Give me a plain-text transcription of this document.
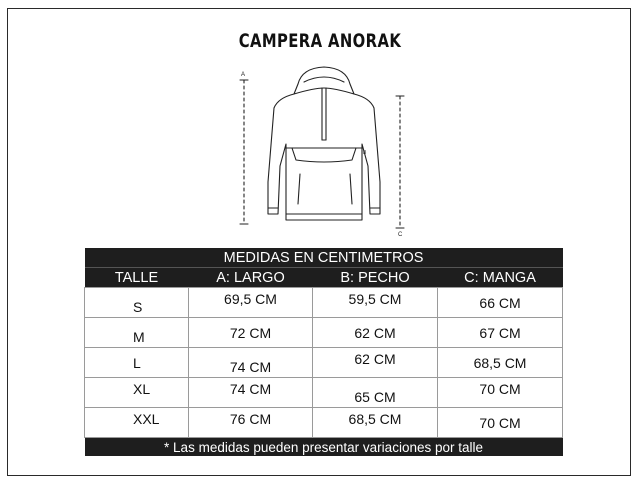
CAMPERA ANORAK
A
C
B
MEDIDAS EN CENTIMETROS			
TALLE	A: LARGO	B: PECHO	C: MANGA
S	69,5 CM	59,5 CM	66 CM
M	72 CM	62 CM	67 CM
L	74 CM	62 CM	68,5 CM
XL	74 CM	65 CM	70 CM
XXL	76 CM	68,5 CM	70 CM
* Las medidas pueden presentar variaciones por talle			
